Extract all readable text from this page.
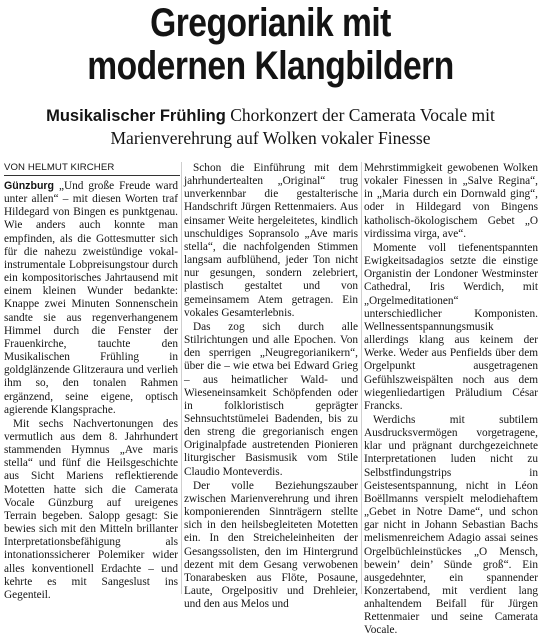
Gregorianik mit
modernen Klangbildern

Musikalischer Frühling Chorkonzert der Camerata Vocale mit Marienverehrung auf Wolken vokaler Finesse

VON HELMUT KIRCHER

Günzburg „Und große Freude ward unter allen“ – mit diesen Worten traf Hildegard von Bingen es punktgenau. Wie anders auch konnte man empfinden, als die Gottesmutter sich für die nahezu zweistündige vokal-instrumentale Lobpreisungstour durch ein kompositorisches Jahrtausend mit einem kleinen Wunder bedankte: Knappe zwei Minuten Sonnenschein sandte sie aus regenverhangenem Himmel durch die Fenster der Frauenkirche, tauchte den Musikalischen Frühling in goldglänzende Glitzeraura und verlieh ihm so, den tonalen Rahmen ergänzend, seine eigene, optisch agierende Klangsprache.

Mit sechs Nachvertonungen des vermutlich aus dem 8. Jahrhundert stammenden Hymnus „Ave maris stella“ und fünf die Heilsgeschichte aus Sicht Mariens reflektierende Motetten hatte sich die Camerata Vocale Günzburg auf ureigenes Terrain begeben. Salopp gesagt: Sie bewies sich mit den Mitteln brillanter Interpretationsbefähigung als intonationssicherer Polemiker wider alles konventionell Erdachte – und kehrte es mit Sangeslust ins Gegenteil.

Schon die Einführung mit dem jahrhundertealten „Original“ trug unverkennbar die gestalterische Handschrift Jürgen Rettenmaiers. Aus einsamer Weite hergeleitetes, kindlich unschuldiges Sopransolo „Ave maris stella“, die nachfolgenden Stimmen langsam aufblühend, jeder Ton nicht nur gesungen, sondern zelebriert, plastisch gestaltet und von gemeinsamem Atem getragen. Ein vokales Gesamterlebnis.

Das zog sich durch alle Stilrichtungen und alle Epochen. Von den sperrigen „Neugregorianikern“, über die – wie etwa bei Edward Grieg – aus heimatlicher Wald- und Wieseneinsamkeit Schöpfenden oder in folkloristisch geprägter Sehnsuchtstümelei Badenden, bis zu den streng die gregorianisch engen Originalpfade austretenden Pionieren liturgischer Basismusik vom Stile Claudio Monteverdis.

Der volle Beziehungszauber zwischen Marienverehrung und ihren komponierenden Sinnträgern stellte sich in den heilsbegleiteten Motetten ein. In den Streicheleinheiten der Gesangssolisten, den im Hintergrund dezent mit dem Gesang verwobenen Tonarabesken aus Flöte, Posaune, Laute, Orgelpositiv und Drehleier, und den aus Melos und

Mehrstimmigkeit gewobenen Wolken vokaler Finessen in „Salve Regina“, in „Maria durch ein Dornwald ging“, oder in Hildegard von Bingens katholisch-ökologischem Gebet „O virdissima virga, ave“.

Momente voll tiefenentspannten Ewigkeitsadagios setzte die einstige Organistin der Londoner Westminster Cathedral, Iris Werdich, mit „Orgelmeditationen“ unterschiedlicher Komponisten. Wellnessentspannungsmusik allerdings klang aus keinem der Werke. Weder aus Penfields über dem Orgelpunkt ausgetragenen Gefühlszweispälten noch aus dem wiegenliedartigen Präludium César Francks.

Werdichs mit subtilem Ausdrucksvermögen vorgetragene, klar und prägnant durchgezeichnete Interpretationen luden nicht zu Selbstfindungstrips in Geistesentspannung, nicht in Léon Boëllmanns verspielt melodiehaftem „Gebet in Notre Dame“, und schon gar nicht in Johann Sebastian Bachs melismenreichem Adagio assai seines Orgelbüchleinstückes „O Mensch, bewein’ dein’ Sünde groß“. Ein ausgedehnter, ein spannender Konzertabend, mit verdient lang anhaltendem Beifall für Jürgen Rettenmaier und seine Camerata Vocale.
